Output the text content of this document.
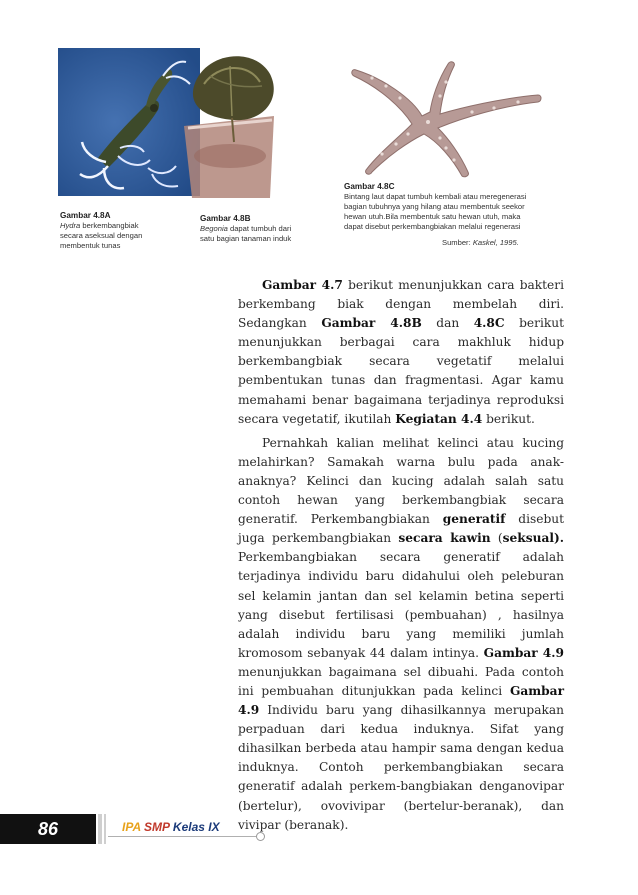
Gambar 4.8A
Hydra berkembangbiak
secara aseksual dengan
membentuk tunas
Gambar 4.8B
Begonia dapat tumbuh dari
satu bagian tanaman induk
Gambar 4.8C
Bintang laut dapat tumbuh kembali atau meregenerasi
bagian tubuhnya yang hilang atau membentuk seekor
hewan utuh.Bila membentuk satu hewan utuh, maka
dapat disebut perkembangbiakan melalui regenerasi
Sumber: Kaskel, 1995.

Gambar 4.7 berikut menunjukkan cara bakteri berkembang biak dengan membelah diri. Sedangkan Gambar 4.8B dan 4.8C berikut menunjukkan berbagai cara makhluk hidup berkembangbiak secara vegetatif melalui pembentukan tunas dan fragmentasi. Agar kamu memahami benar bagaimana terjadinya reproduksi secara vegetatif, ikutilah Kegiatan 4.4 berikut.

Pernahkah kalian melihat kelinci atau kucing melahirkan? Samakah warna bulu pada anak-anaknya? Kelinci dan kucing adalah salah satu contoh hewan yang berkembangbiak secara generatif. Perkembangbiakan generatif disebut juga perkembangbiakan secara kawin (seksual). Perkembangbiakan secara generatif adalah terjadinya individu baru didahului oleh peleburan sel kelamin jantan dan sel kelamin betina seperti yang disebut fertilisasi (pembuahan) , hasilnya adalah individu baru yang memiliki jumlah kromosom sebanyak 44 dalam intinya. Gambar 4.9 menunjukkan bagaimana sel dibuahi. Pada contoh ini pembuahan ditunjukkan pada kelinci Gambar 4.9 Individu baru yang dihasilkannya merupakan perpaduan dari kedua induknya. Sifat yang dihasilkan berbeda atau hampir sama dengan kedua induknya. Contoh perkembangbiakan secara generatif adalah perkem-bangbiakan denganovipar (bertelur), ovovivipar (bertelur-beranak), dan vivipar (beranak).

86	IPA SMP Kelas IX
